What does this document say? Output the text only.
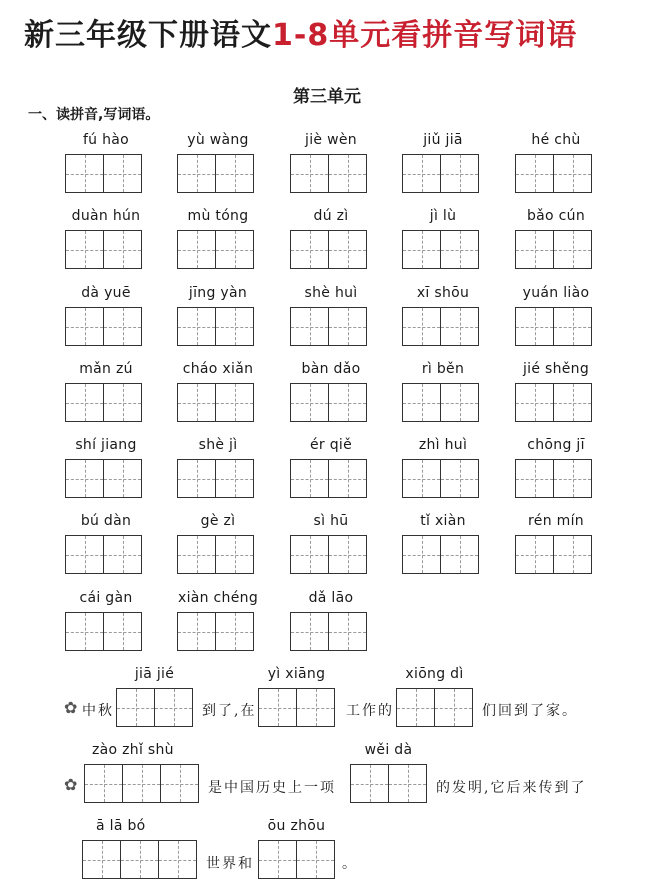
新三年级下册语文1-8单元看拼音写词语
第三单元
一、读拼音,写词语。
fú hào	yù wàng	jiè wèn	jiǔ jiā	hé chù
duàn hún	mù tóng	dú zì	jì lù	bǎo cún
dà yuē	jīng yàn	shè huì	xī shōu	yuán liào
mǎn zú	cháo xiǎn	bàn dǎo	rì běn	jié shěng
shí jiang	shè jì	ér qiě	zhì huì	chōng jī
bú dàn	gè zì	sì hū	tǐ xiàn	rén mín
cái gàn	xiàn chéng	dǎ lāo
✿ 中秋
jiā jié
到了,在
yì xiāng
工作的
xiōng dì
们回到了家。
✿
zào zhǐ shù
是中国历史上一项
wěi dà
的发明,它后来传到了
ā lā bó
世界和
ōu zhōu
。
